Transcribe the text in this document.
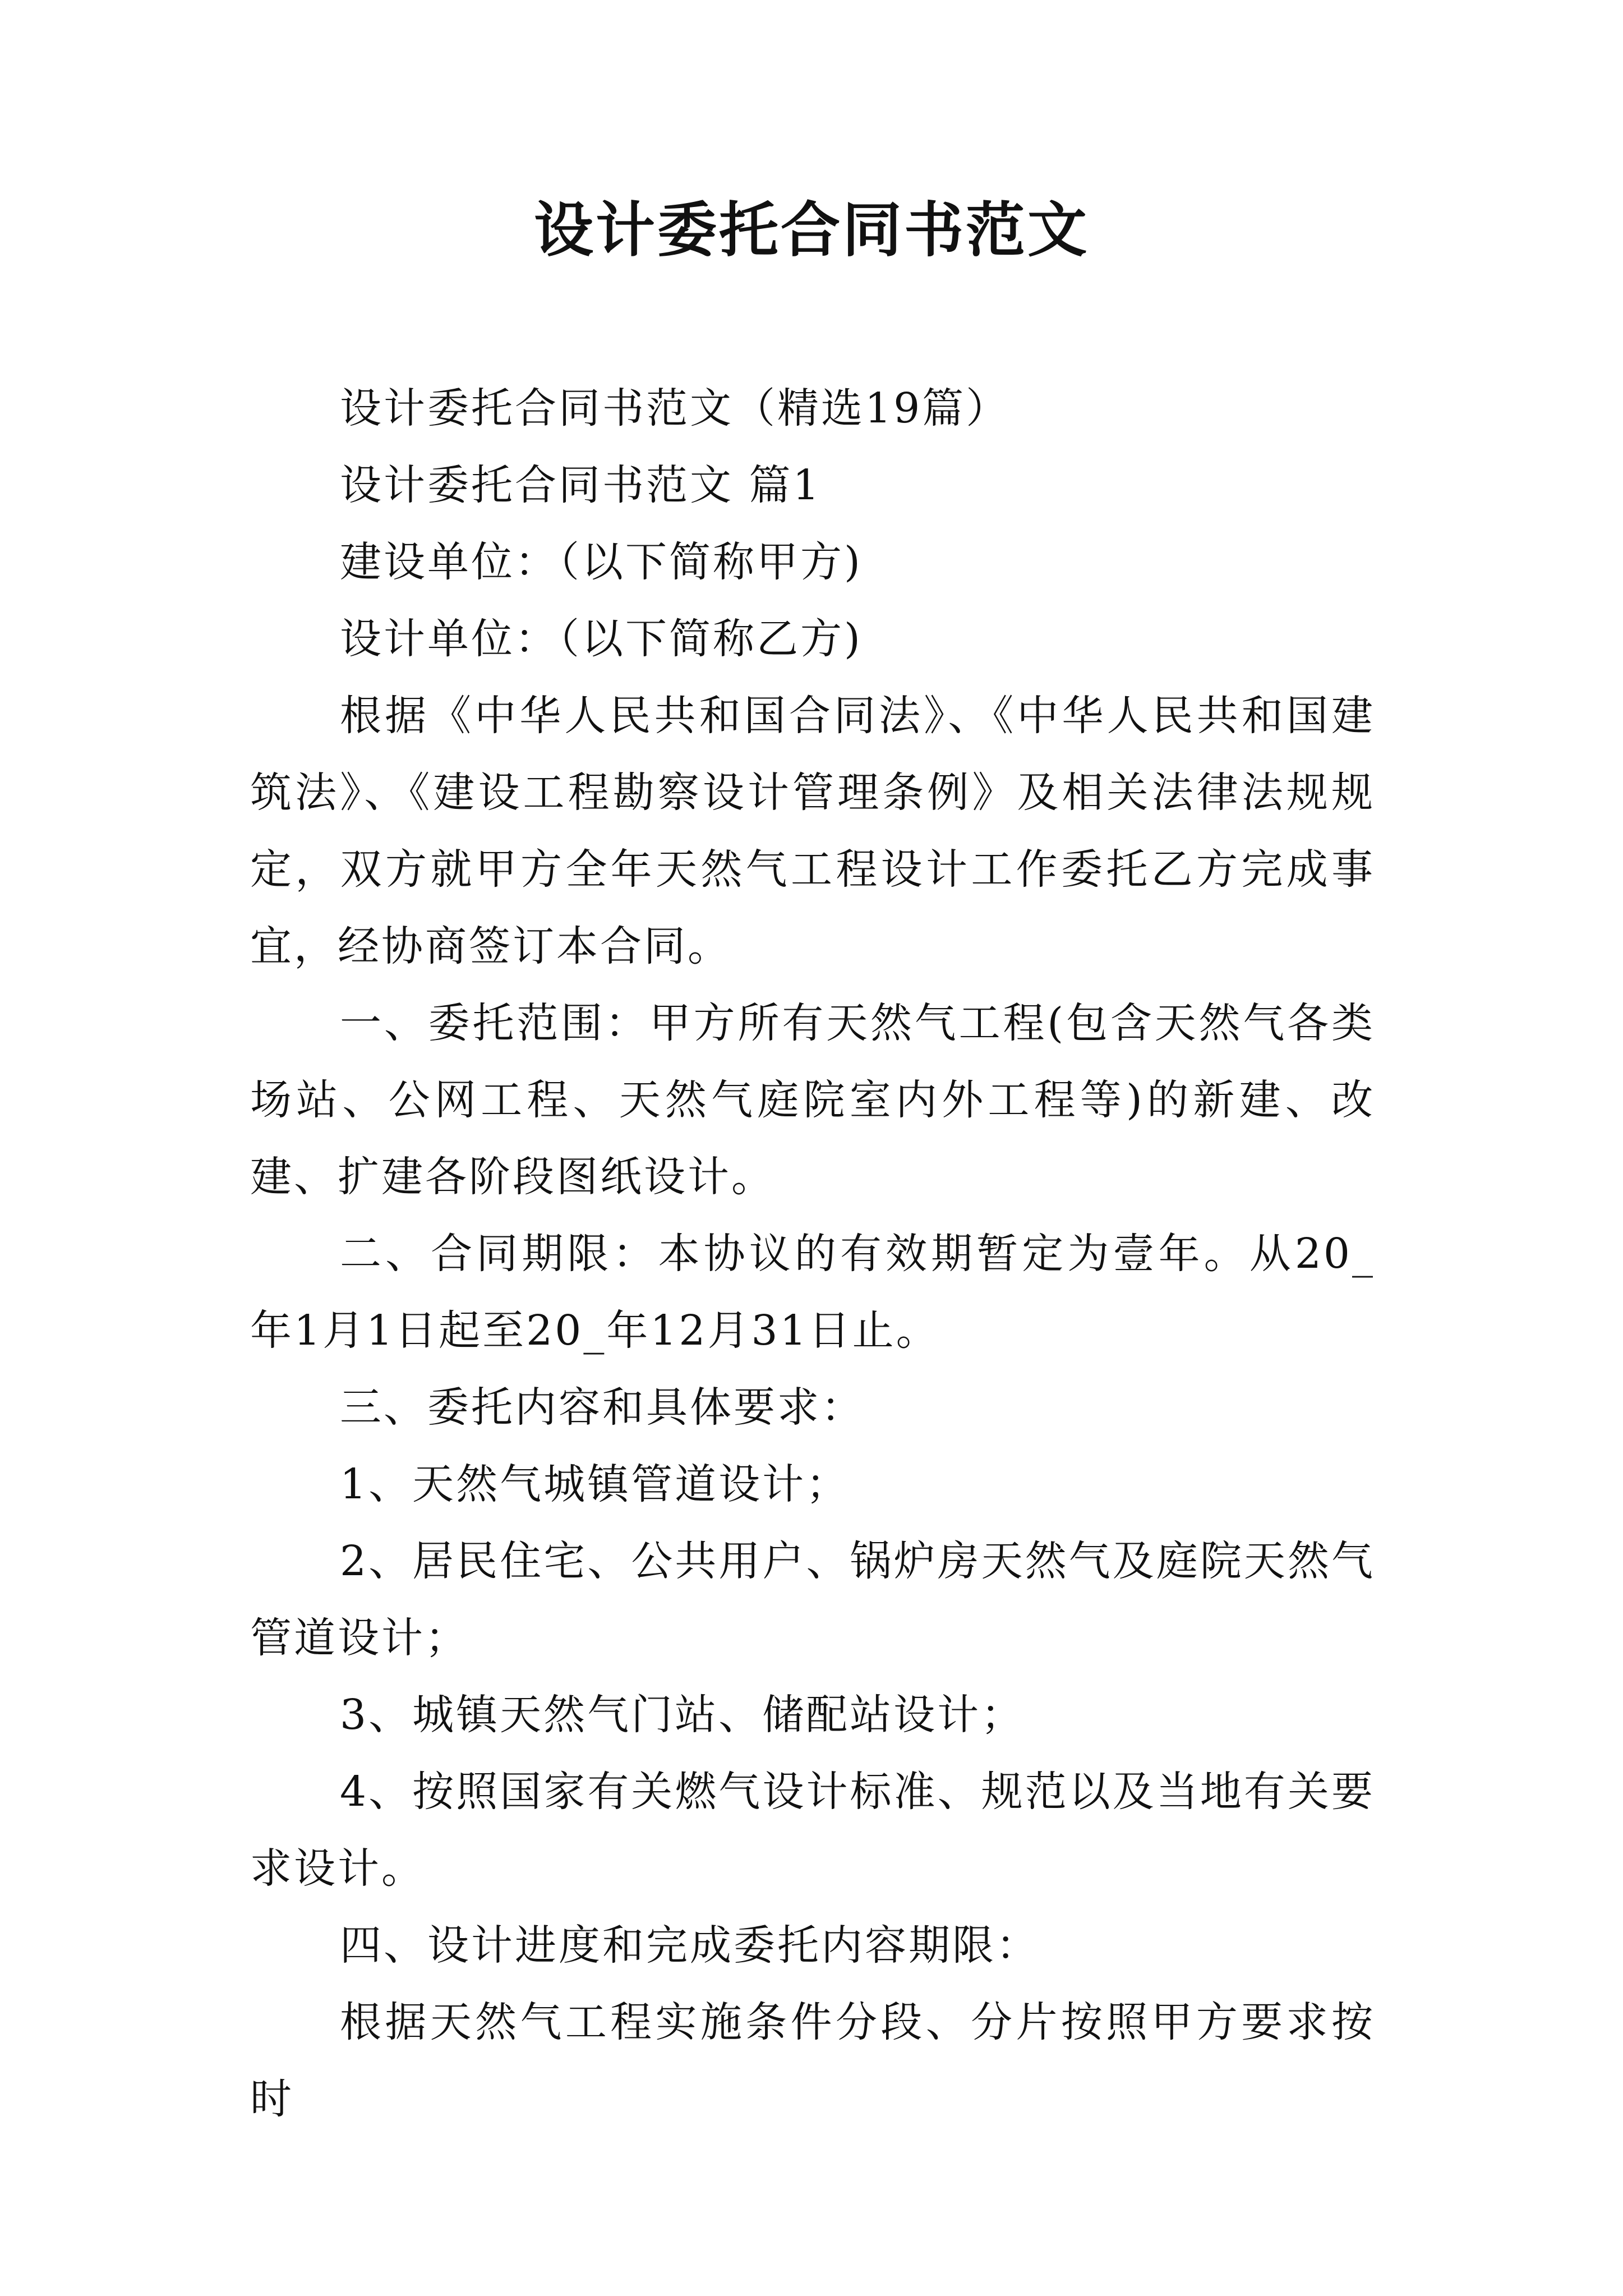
设计委托合同书范文

设计委托合同书范文（精选19篇）

设计委托合同书范文 篇1

建设单位：（以下简称甲方)

设计单位：（以下简称乙方)

根据《中华人民共和国合同法》、《中华人民共和国建筑法》、《建设工程勘察设计管理条例》及相关法律法规规定，双方就甲方全年天然气工程设计工作委托乙方完成事宜，经协商签订本合同。

一、委托范围：甲方所有天然气工程(包含天然气各类场站、公网工程、天然气庭院室内外工程等)的新建、改建、扩建各阶段图纸设计。

二、合同期限：本协议的有效期暂定为壹年。从20_年1月1日起至20_年12月31日止。

三、委托内容和具体要求：

1、天然气城镇管道设计；

2、居民住宅、公共用户、锅炉房天然气及庭院天然气管道设计；

3、城镇天然气门站、储配站设计；

4、按照国家有关燃气设计标准、规范以及当地有关要求设计。

四、设计进度和完成委托内容期限：

根据天然气工程实施条件分段、分片按照甲方要求按时
